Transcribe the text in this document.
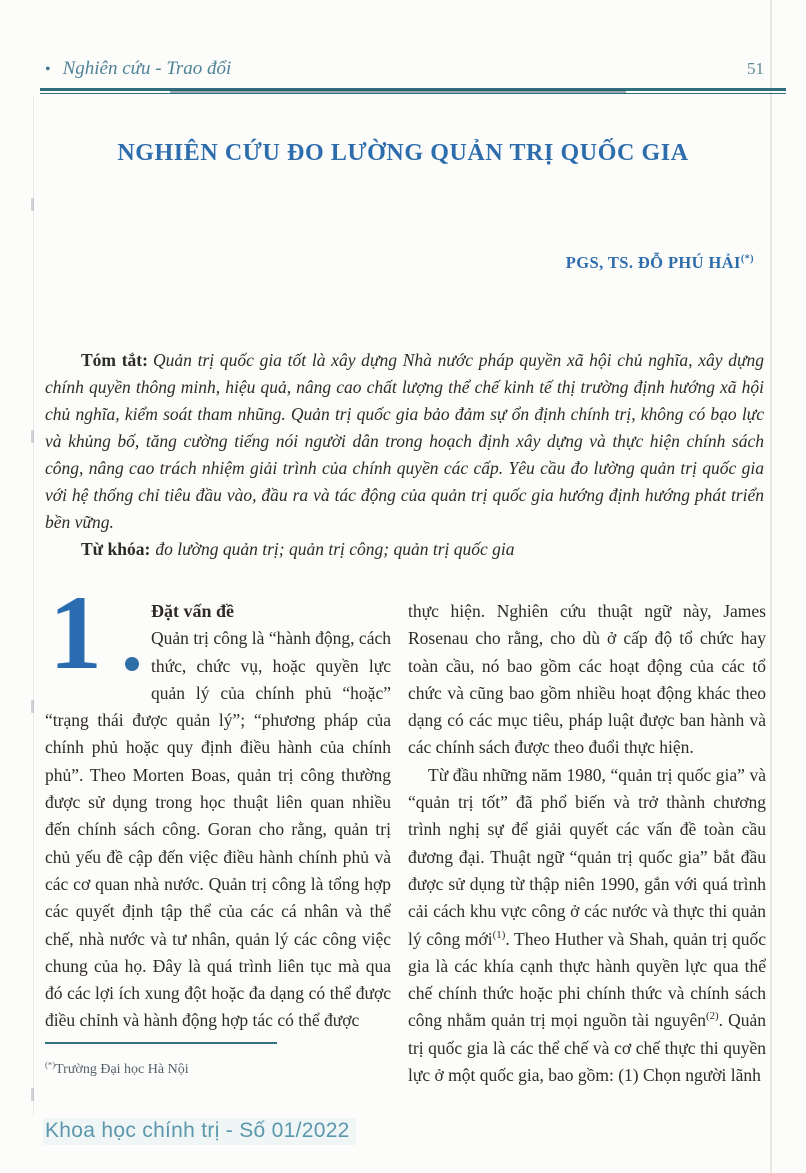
• Nghiên cứu - Trao đổi	51
NGHIÊN CỨU ĐO LƯỜNG QUẢN TRỊ QUỐC GIA
PGS, TS. ĐỖ PHÚ HẢI(*)

Tóm tắt: Quản trị quốc gia tốt là xây dựng Nhà nước pháp quyền xã hội chủ nghĩa, xây dựng chính quyền thông minh, hiệu quả, nâng cao chất lượng thể chế kinh tế thị trường định hướng xã hội chủ nghĩa, kiểm soát tham nhũng. Quản trị quốc gia bảo đảm sự ổn định chính trị, không có bạo lực và khủng bố, tăng cường tiếng nói người dân trong hoạch định xây dựng và thực hiện chính sách công, nâng cao trách nhiệm giải trình của chính quyền các cấp. Yêu cầu đo lường quản trị quốc gia với hệ thống chỉ tiêu đầu vào, đầu ra và tác động của quản trị quốc gia hướng định hướng phát triển bền vững.

Từ khóa: đo lường quản trị; quản trị công; quản trị quốc gia

1	Đặt vấn đề

Quản trị công là “hành động, cách thức, chức vụ, hoặc quyền lực quản lý của chính phủ “hoặc” “trạng thái được quản lý”; “phương pháp của chính phủ hoặc quy định điều hành của chính phủ”. Theo Morten Boas, quản trị công thường được sử dụng trong học thuật liên quan nhiều đến chính sách công. Goran cho rằng, quản trị chủ yếu đề cập đến việc điều hành chính phủ và các cơ quan nhà nước. Quản trị công là tổng hợp các quyết định tập thể của các cá nhân và thể chế, nhà nước và tư nhân, quản lý các công việc chung của họ. Đây là quá trình liên tục mà qua đó các lợi ích xung đột hoặc đa dạng có thể được điều chỉnh và hành động hợp tác có thể được

(*)Trường Đại học Hà Nội

thực hiện. Nghiên cứu thuật ngữ này, James Rosenau cho rằng, cho dù ở cấp độ tổ chức hay toàn cầu, nó bao gồm các hoạt động của các tổ chức và cũng bao gồm nhiều hoạt động khác theo dạng có các mục tiêu, pháp luật được ban hành và các chính sách được theo đuổi thực hiện.

Từ đầu những năm 1980, “quản trị quốc gia” và “quản trị tốt” đã phổ biến và trở thành chương trình nghị sự để giải quyết các vấn đề toàn cầu đương đại. Thuật ngữ “quản trị quốc gia” bắt đầu được sử dụng từ thập niên 1990, gắn với quá trình cải cách khu vực công ở các nước và thực thi quản lý công mới$^{(1)}$. Theo Huther và Shah, quản trị quốc gia là các khía cạnh thực hành quyền lực qua thể chế chính thức hoặc phi chính thức và chính sách công nhằm quản trị mọi nguồn tài nguyên$^{(2)}$. Quản trị quốc gia là các thể chế và cơ chế thực thi quyền lực ở một quốc gia, bao gồm: (1) Chọn người lãnh

Khoa học chính trị - Số 01/2022
